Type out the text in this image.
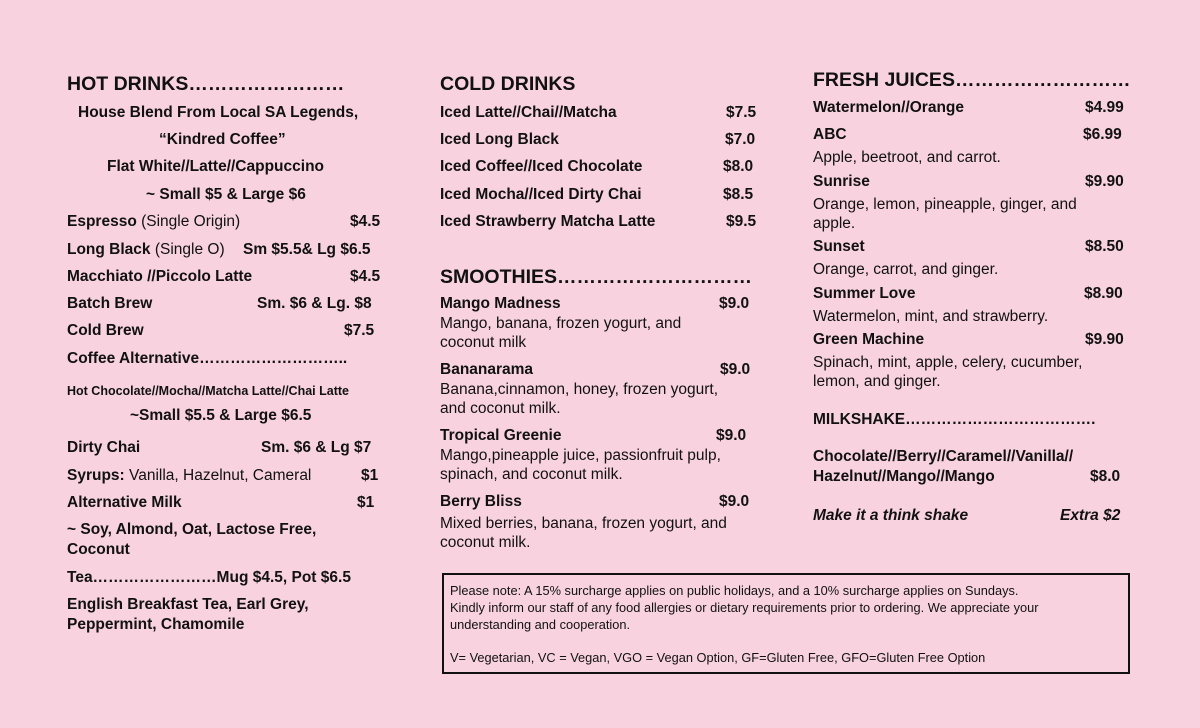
HOT DRINKS……………………
House Blend From Local SA Legends,
“Kindred Coffee”
Flat White//Latte//Cappuccino
~ Small $5 & Large $6
Espresso (Single Origin)	$4.5
Long Black (Single O) Sm $5.5& Lg $6.5
Macchiato //Piccolo Latte	$4.5
Batch Brew	Sm. $6 & Lg. $8
Cold Brew	$7.5
Coffee Alternative………………………..
Hot Chocolate//Mocha//Matcha Latte//Chai Latte
~Small $5.5 & Large $6.5
Dirty Chai	Sm. $6 & Lg $7
Syrups: Vanilla, Hazelnut, Cameral	$1
Alternative Milk	$1
~ Soy, Almond, Oat, Lactose Free,
Coconut
Tea……………………Mug $4.5, Pot $6.5
English Breakfast Tea, Earl Grey,
Peppermint, Chamomile
COLD DRINKS
Iced Latte//Chai//Matcha	$7.5
Iced Long Black	$7.0
Iced Coffee//Iced Chocolate	$8.0
Iced Mocha//Iced Dirty Chai	$8.5
Iced Strawberry Matcha Latte	$9.5
SMOOTHIES…………………………
Mango Madness	$9.0
Mango, banana, frozen yogurt, and
coconut milk
Bananarama	$9.0
Banana,cinnamon, honey, frozen yogurt,
and coconut milk.
Tropical Greenie	$9.0
Mango,pineapple juice, passionfruit pulp,
spinach, and coconut milk.
Berry Bliss	$9.0
Mixed berries, banana, frozen yogurt, and
coconut milk.
FRESH JUICES………………………
Watermelon//Orange	$4.99
ABC	$6.99
Apple, beetroot, and carrot.
Sunrise	$9.90
Orange, lemon, pineapple, ginger, and
apple.
Sunset	$8.50
Orange, carrot, and ginger.
Summer Love	$8.90
Watermelon, mint, and strawberry.
Green Machine	$9.90
Spinach, mint, apple, celery, cucumber,
lemon, and ginger.
MILKSHAKE……………………………….
Chocolate//Berry//Caramel//Vanilla//
Hazelnut//Mango//Mango	$8.0
Make it a think shake	Extra $2
Please note: A 15% surcharge applies on public holidays, and a 10% surcharge applies on Sundays.
Kindly inform our staff of any food allergies or dietary requirements prior to ordering. We appreciate your
understanding and cooperation.
V= Vegetarian, VC = Vegan, VGO = Vegan Option, GF=Gluten Free, GFO=Gluten Free Option
